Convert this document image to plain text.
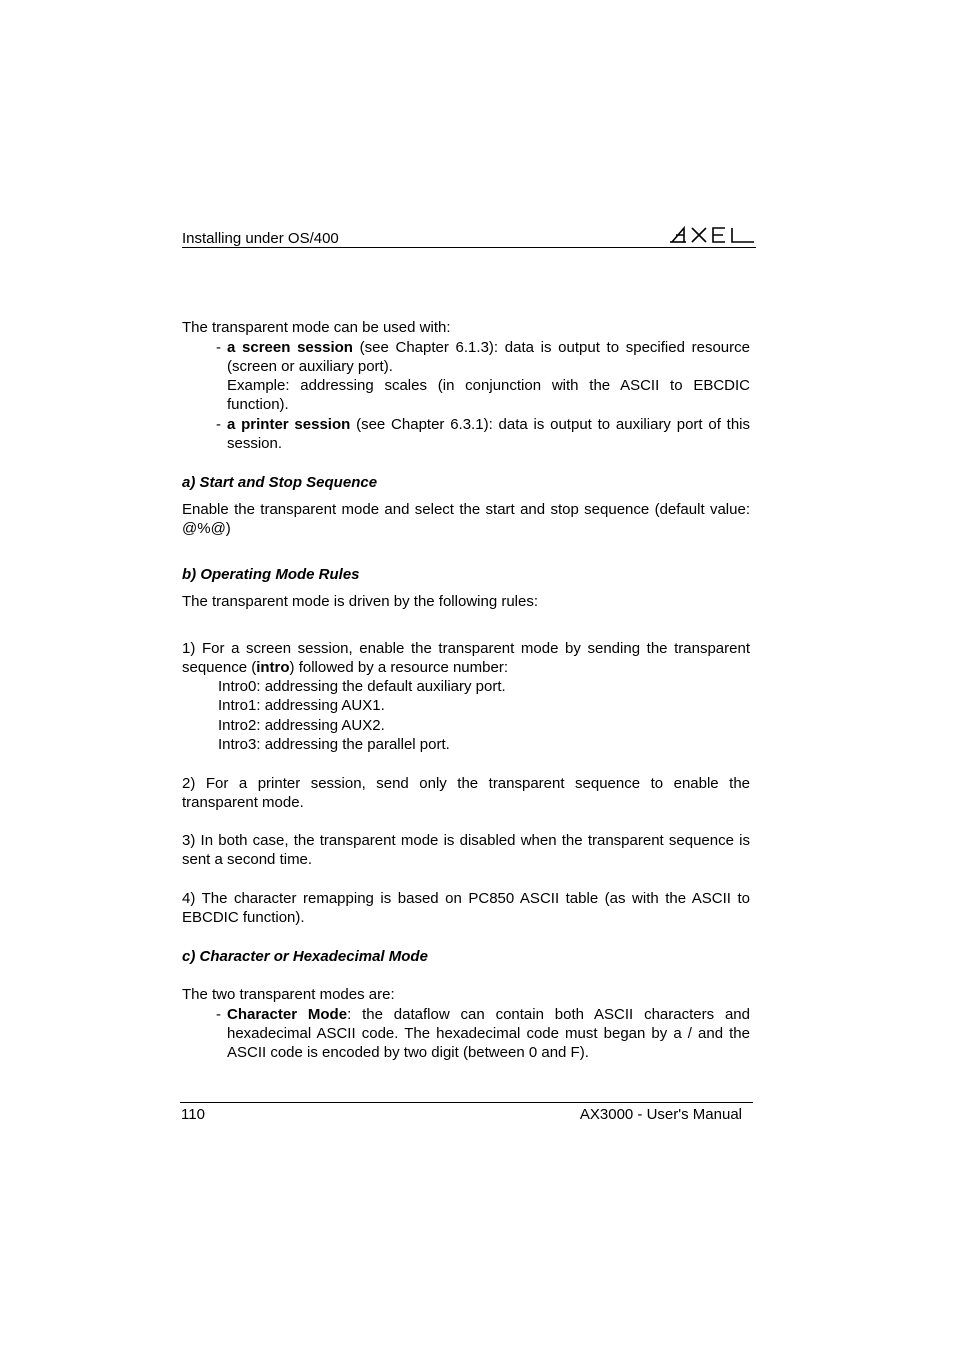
Installing under OS/400
The transparent mode can be used with:
- a screen session (see Chapter 6.1.3): data is output to specified resource (screen or auxiliary port).
Example: addressing scales (in conjunction with the ASCII to EBCDIC function).
- a printer session (see Chapter 6.3.1): data is output to auxiliary port of this session.
a) Start and Stop Sequence
Enable the transparent mode and select the start and stop sequence (default value: @%@)
b) Operating Mode Rules
The transparent mode is driven by the following rules:
1) For a screen session, enable the transparent mode by sending the transparent sequence (intro) followed by a resource number:
Intro0: addressing the default auxiliary port.
Intro1: addressing AUX1.
Intro2: addressing AUX2.
Intro3: addressing the parallel port.
2) For a printer session, send only the transparent sequence to enable the transparent mode.
3) In both case, the transparent mode is disabled when the transparent sequence is sent a second time.
4) The character remapping is based on PC850 ASCII table (as with the ASCII to EBCDIC function).
c) Character or Hexadecimal Mode
The two transparent modes are:
- Character Mode: the dataflow can contain both ASCII characters and hexadecimal ASCII code. The hexadecimal code must began by a / and the ASCII code is encoded by two digit (between 0 and F).
110	AX3000 - User's Manual
